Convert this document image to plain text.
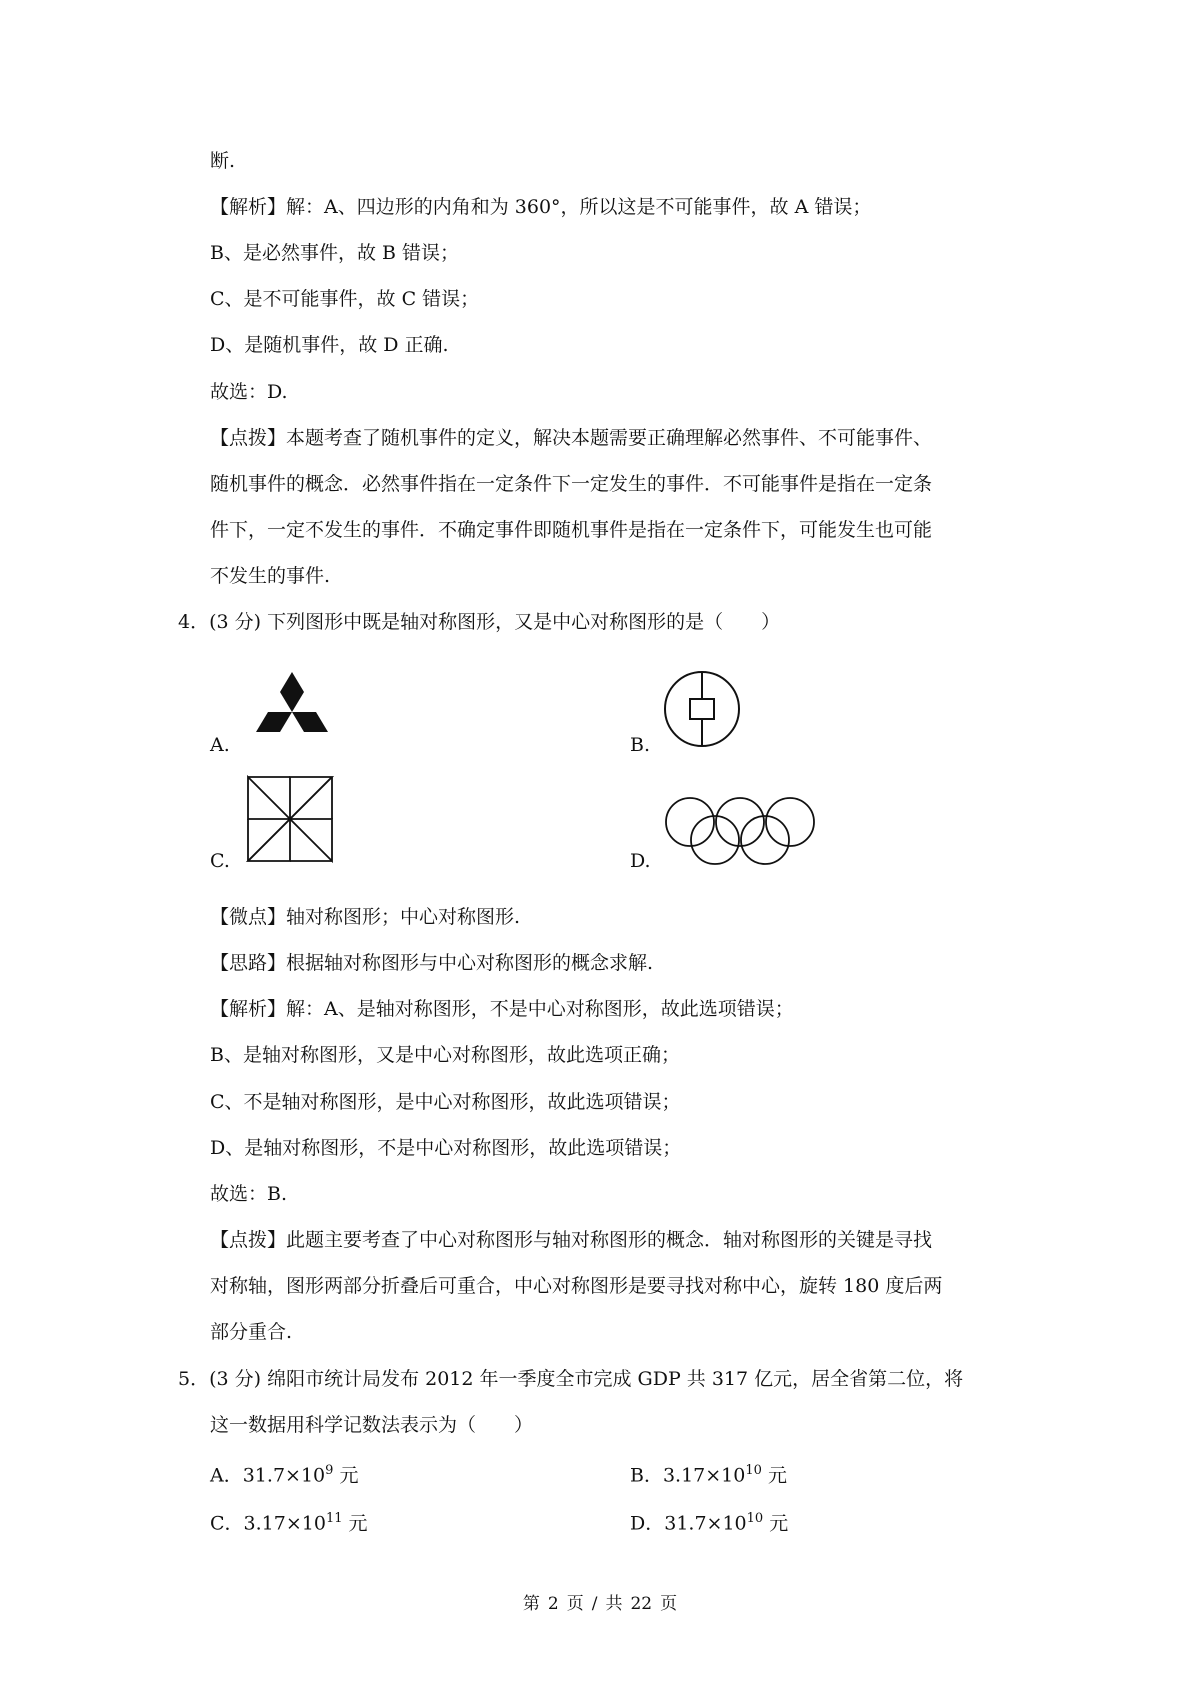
断.
【解析】解：A、四边形的内角和为 360°，所以这是不可能事件，故 A 错误；
B、是必然事件，故 B 错误；
C、是不可能事件，故 C 错误；
D、是随机事件，故 D 正确.
故选：D.
【点拨】本题考查了随机事件的定义，解决本题需要正确理解必然事件、不可能事件、
随机事件的概念．必然事件指在一定条件下一定发生的事件．不可能事件是指在一定条
件下，一定不发生的事件．不确定事件即随机事件是指在一定条件下，可能发生也可能
不发生的事件.
4．(3 分) 下列图形中既是轴对称图形，又是中心对称图形的是（　　）
A.	B.
C.	D.
【微点】轴对称图形；中心对称图形.
【思路】根据轴对称图形与中心对称图形的概念求解.
【解析】解：A、是轴对称图形，不是中心对称图形，故此选项错误；
B、是轴对称图形，又是中心对称图形，故此选项正确；
C、不是轴对称图形，是中心对称图形，故此选项错误；
D、是轴对称图形，不是中心对称图形，故此选项错误；
故选：B.
【点拨】此题主要考查了中心对称图形与轴对称图形的概念．轴对称图形的关键是寻找
对称轴，图形两部分折叠后可重合，中心对称图形是要寻找对称中心，旋转 180 度后两
部分重合.
5．(3 分) 绵阳市统计局发布 2012 年一季度全市完成 GDP 共 317 亿元，居全省第二位，将
这一数据用科学记数法表示为（　　）
A．$31.7\times 10^9$ 元	B．$3.17\times 10^{10}$ 元
C．$3.17\times 10^{11}$ 元	D．$31.7\times 10^{10}$ 元
第 2 页 / 共 22 页
